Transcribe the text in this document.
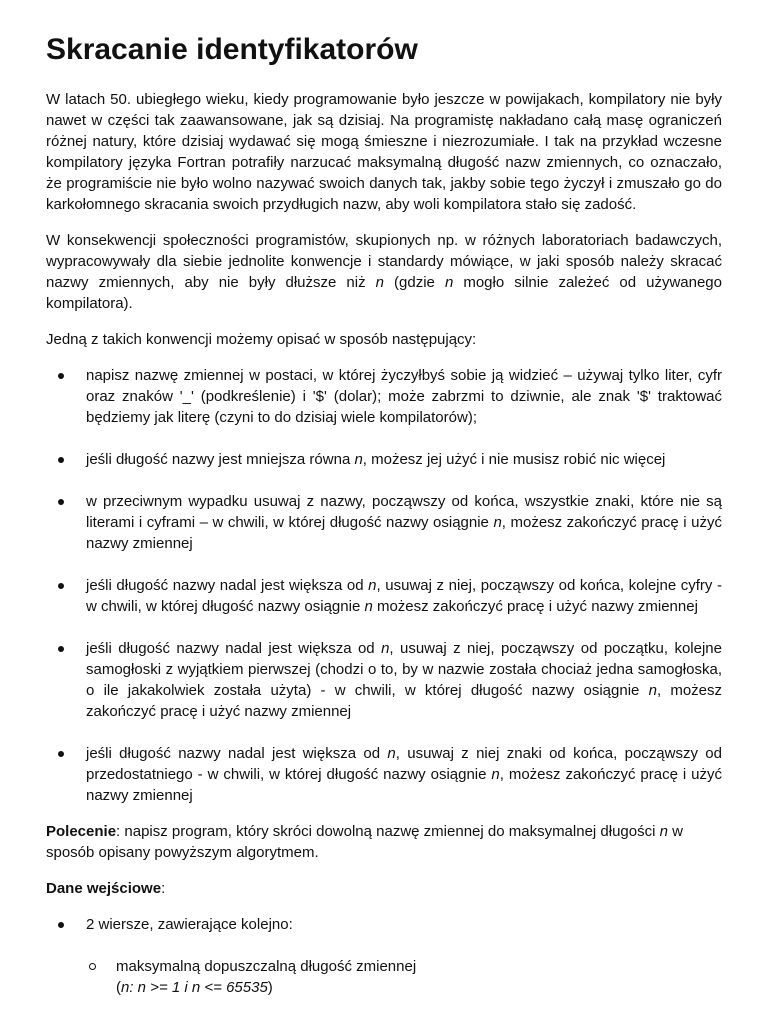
Skracanie identyfikatorów

W latach 50. ubiegłego wieku, kiedy programowanie było jeszcze w powijakach, kompilatory nie były nawet w części tak zaawansowane, jak są dzisiaj. Na programistę nakładano całą masę ograniczeń różnej natury, które dzisiaj wydawać się mogą śmieszne i niezrozumiałe. I tak na przykład wczesne kompilatory języka Fortran potrafiły narzucać maksymalną długość nazw zmiennych, co oznaczało, że programiście nie było wolno nazywać swoich danych tak, jakby sobie tego życzył i zmuszało go do karkołomnego skracania swoich przydługich nazw, aby woli kompilatora stało się zadość.

W konsekwencji społeczności programistów, skupionych np. w różnych laboratoriach badawczych, wypracowywały dla siebie jednolite konwencje i standardy mówiące, w jaki sposób należy skracać nazwy zmiennych, aby nie były dłuższe niż n (gdzie n mogło silnie zależeć od używanego kompilatora).

Jedną z takich konwencji możemy opisać w sposób następujący:

napisz nazwę zmiennej w postaci, w której życzyłbyś sobie ją widzieć – używaj tylko liter, cyfr oraz znaków '_' (podkreślenie) i '$' (dolar); może zabrzmi to dziwnie, ale znak '$' traktować będziemy jak literę (czyni to do dzisiaj wiele kompilatorów);
jeśli długość nazwy jest mniejsza równa n, możesz jej użyć i nie musisz robić nic więcej
w przeciwnym wypadku usuwaj z nazwy, począwszy od końca, wszystkie znaki, które nie są literami i cyframi – w chwili, w której długość nazwy osiągnie n, możesz zakończyć pracę i użyć nazwy zmiennej
jeśli długość nazwy nadal jest większa od n, usuwaj z niej, począwszy od końca, kolejne cyfry - w chwili, w której długość nazwy osiągnie n możesz zakończyć pracę i użyć nazwy zmiennej
jeśli długość nazwy nadal jest większa od n, usuwaj z niej, począwszy od początku, kolejne samogłoski z wyjątkiem pierwszej (chodzi o to, by w nazwie została chociaż jedna samogłoska, o ile jakakolwiek została użyta) - w chwili, w której długość nazwy osiągnie n, możesz zakończyć pracę i użyć nazwy zmiennej
jeśli długość nazwy nadal jest większa od n, usuwaj z niej znaki od końca, począwszy od przedostatniego - w chwili, w której długość nazwy osiągnie n, możesz zakończyć pracę i użyć nazwy zmiennej

Polecenie: napisz program, który skróci dowolną nazwę zmiennej do maksymalnej długości n w sposób opisany powyższym algorytmem.

Dane wejściowe:

2 wiersze, zawierające kolejno:
maksymalną dopuszczalną długość zmiennej
(n: n >= 1 i n <= 65535)
